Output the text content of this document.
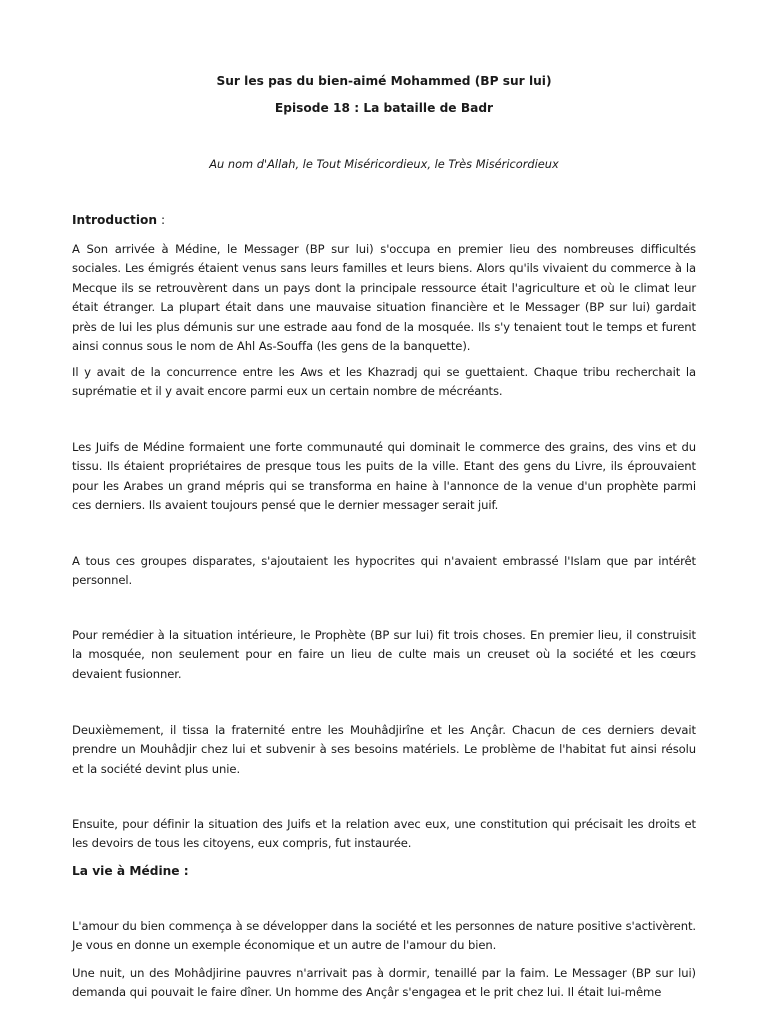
Sur les pas du bien-aimé Mohammed (BP sur lui)
Episode 18 : La bataille de Badr

Au nom d'Allah, le Tout Miséricordieux, le Très Miséricordieux

Introduction :

A Son arrivée à Médine, le Messager (BP sur lui) s'occupa en premier lieu des nombreuses difficultés sociales. Les émigrés étaient venus sans leurs familles et leurs biens. Alors qu'ils vivaient du commerce à la Mecque ils se retrouvèrent dans un pays dont la principale ressource était l'agriculture et où le climat leur était étranger. La plupart était dans une mauvaise situation financière et le Messager (BP sur lui) gardait près de lui les plus démunis sur une estrade aau fond de la mosquée. Ils s'y tenaient tout le temps et furent ainsi connus sous le nom de Ahl As-Souffa (les gens de la banquette).

Il y avait de la concurrence entre les Aws et les Khazradj qui se guettaient. Chaque tribu recherchait la suprématie et il y avait encore parmi eux un certain nombre de mécréants.

Les Juifs de Médine formaient une forte communauté qui dominait le commerce des grains, des vins et du tissu. Ils étaient propriétaires de presque tous les puits de la ville. Etant des gens du Livre, ils éprouvaient pour les Arabes un grand mépris qui se transforma en haine à l'annonce de la venue d'un prophète parmi ces derniers. Ils avaient toujours pensé que le dernier messager serait juif.

A tous ces groupes disparates, s'ajoutaient les hypocrites qui n'avaient embrassé l'Islam que par intérêt personnel.

Pour remédier à la situation intérieure, le Prophète (BP sur lui) fit trois choses. En premier lieu, il construisit la mosquée, non seulement pour en faire un lieu de culte mais un creuset où la société et les cœurs devaient fusionner.

Deuxièmement, il tissa la fraternité entre les Mouhâdjirîne et les Ançâr. Chacun de ces derniers devait prendre un Mouhâdjir chez lui et subvenir à ses besoins matériels. Le problème de l'habitat fut ainsi résolu et la société devint plus unie.

Ensuite, pour définir la situation des Juifs et la relation avec eux, une constitution qui précisait les droits et les devoirs de tous les citoyens, eux compris, fut instaurée.

La vie à Médine :

L'amour du bien commença à se développer dans la société et les personnes de nature positive s'activèrent. Je vous en donne un exemple économique et un autre de l'amour du bien.

Une nuit, un des Mohâdjirine pauvres n'arrivait pas à dormir, tenaillé par la faim. Le Messager (BP sur lui) demanda qui pouvait le faire dîner. Un homme des Ançâr s'engagea et le prit chez lui. Il était lui-même
